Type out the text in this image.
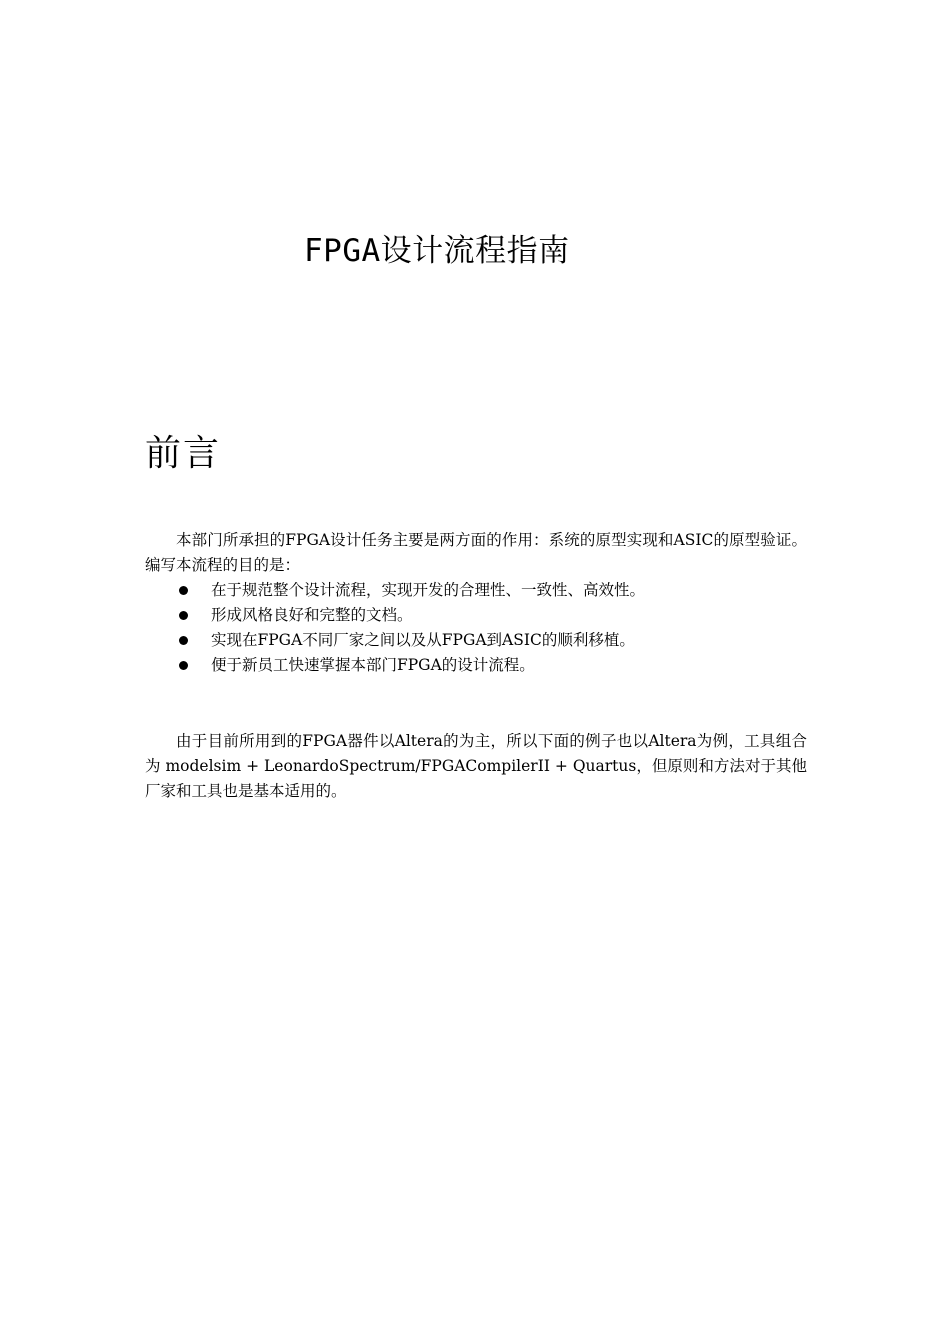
FPGA设计流程指南
前言

本部门所承担的FPGA设计任务主要是两方面的作用：系统的原型实现和ASIC的原型验证。编写本流程的目的是：

在于规范整个设计流程，实现开发的合理性、一致性、高效性。
形成风格良好和完整的文档。
实现在FPGA不同厂家之间以及从FPGA到ASIC的顺利移植。
便于新员工快速掌握本部门FPGA的设计流程。

由于目前所用到的FPGA器件以Altera的为主，所以下面的例子也以Altera为例，工具组合为 modelsim + LeonardoSpectrum/FPGACompilerII + Quartus，但原则和方法对于其他厂家和工具也是基本适用的。
